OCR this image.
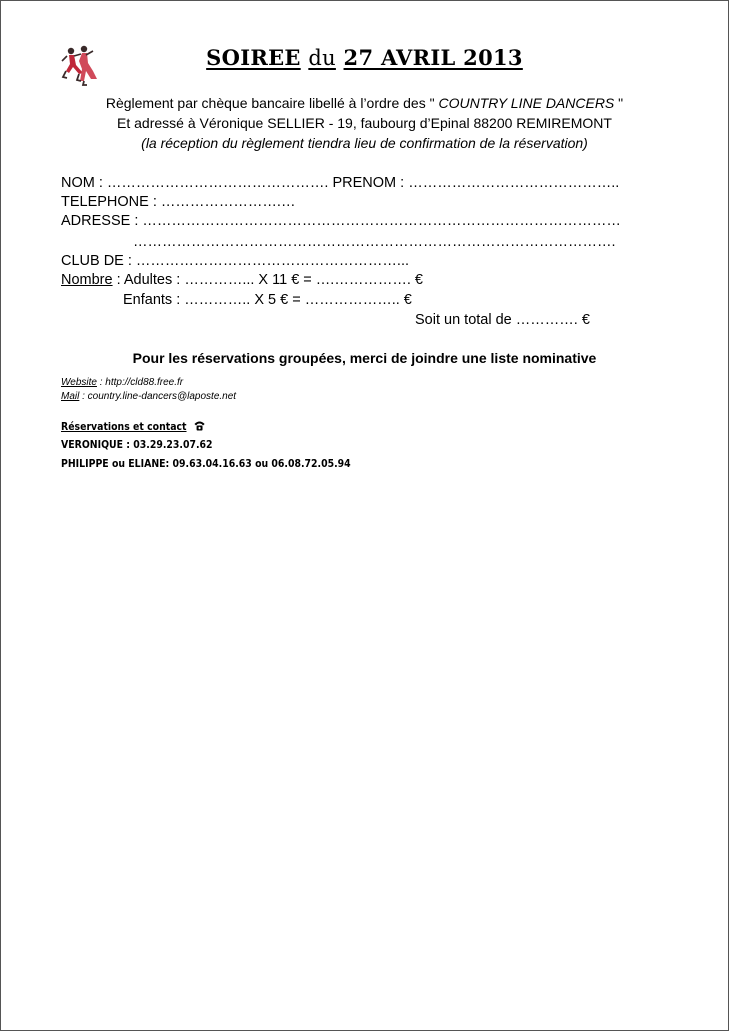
SOIREE du 27 AVRIL 2013
Règlement par chèque bancaire libellé à l’ordre des " COUNTRY LINE DANCERS "
Et adressé à Véronique SELLIER - 19, faubourg d’Epinal 88200 REMIREMONT
(la réception du règlement tiendra lieu de confirmation de la réservation)
NOM : ………………………………………. PRENOM : ……………………………………..
TELEPHONE : …………………….…
ADRESSE : ………………………………………………………………………………………
……………………………………………………………………………………….
CLUB DE : ………………………………………………...
Nombre : Adultes : …………... X 11 € = ….……………. €
Enfants : ………….. X 5 € = ……………….. €
Soit un total de …………. €
Pour les réservations groupées, merci de joindre une liste nominative
Website : http://cld88.free.fr
Mail : country.line-dancers@laposte.net
Réservations et contact
VERONIQUE : 03.29.23.07.62
PHILIPPE ou ELIANE: 09.63.04.16.63 ou 06.08.72.05.94
